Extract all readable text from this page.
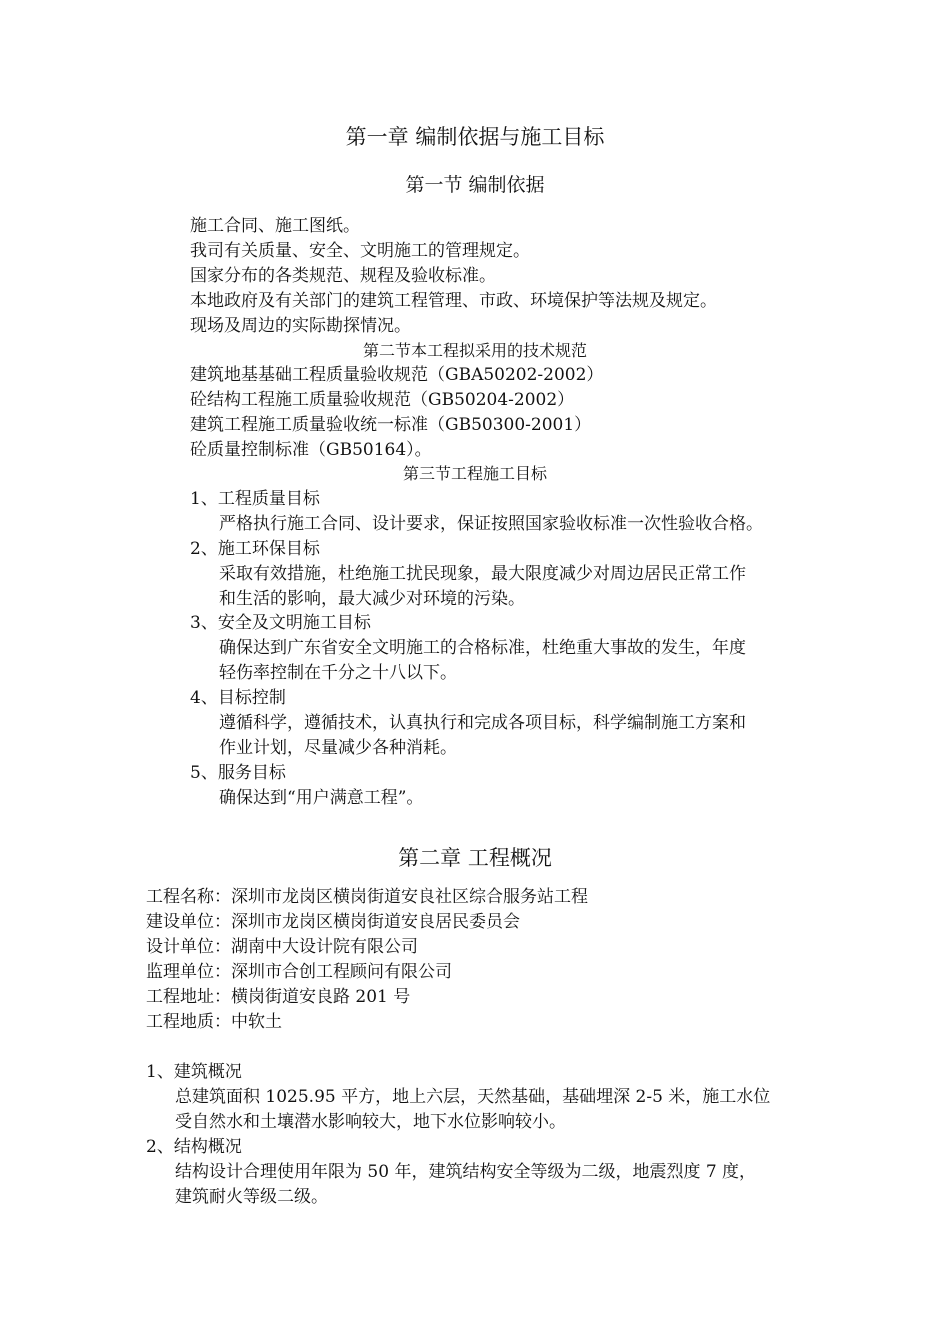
第一章 编制依据与施工目标
第一节 编制依据
施工合同、施工图纸。
我司有关质量、安全、文明施工的管理规定。
国家分布的各类规范、规程及验收标准。
本地政府及有关部门的建筑工程管理、市政、环境保护等法规及规定。
现场及周边的实际勘探情况。
第二节本工程拟采用的技术规范
建筑地基基础工程质量验收规范（GBA50202-2002）
砼结构工程施工质量验收规范（GB50204-2002）
建筑工程施工质量验收统一标准（GB50300-2001）
砼质量控制标准（GB50164）。
第三节工程施工目标
1、工程质量目标
严格执行施工合同、设计要求，保证按照国家验收标准一次性验收合格。
2、施工环保目标
采取有效措施，杜绝施工扰民现象，最大限度减少对周边居民正常工作
和生活的影响，最大减少对环境的污染。
3、安全及文明施工目标
确保达到广东省安全文明施工的合格标准，杜绝重大事故的发生，年度
轻伤率控制在千分之十八以下。
4、目标控制
遵循科学，遵循技术，认真执行和完成各项目标，科学编制施工方案和
作业计划，尽量减少各种消耗。
5、服务目标
确保达到“用户满意工程”。
第二章 工程概况
工程名称：深圳市龙岗区横岗街道安良社区综合服务站工程
建设单位：深圳市龙岗区横岗街道安良居民委员会
设计单位：湖南中大设计院有限公司
监理单位：深圳市合创工程顾问有限公司
工程地址：横岗街道安良路 201 号
工程地质：中软土
1、建筑概况
总建筑面积 1025.95 平方，地上六层，天然基础，基础埋深 2-5 米，施工水位
受自然水和土壤潜水影响较大，地下水位影响较小。
2、结构概况
结构设计合理使用年限为 50 年，建筑结构安全等级为二级，地震烈度 7 度，
建筑耐火等级二级。
